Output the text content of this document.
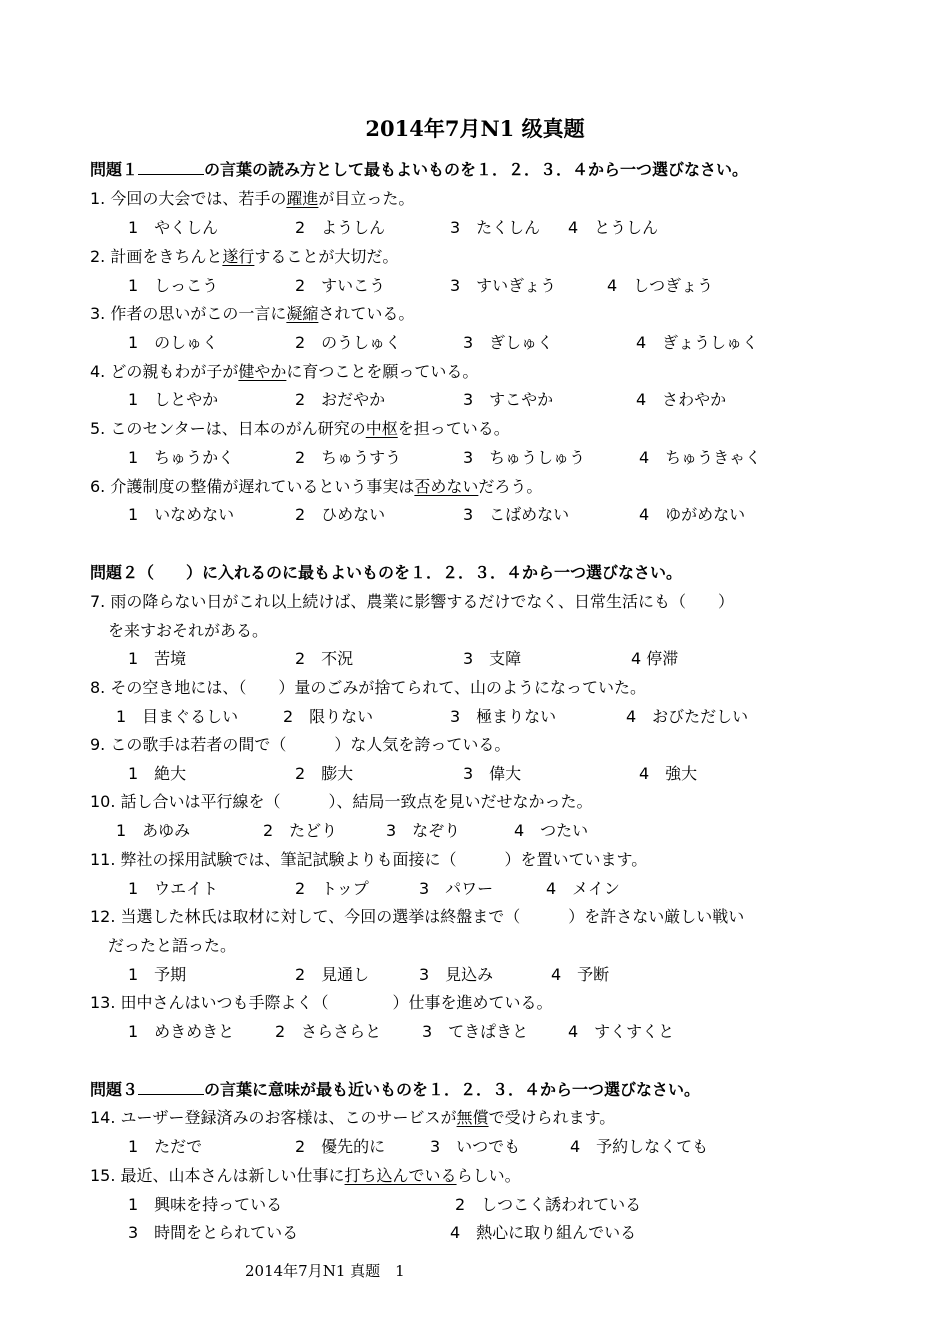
2014年7月N1 级真题
問題１	の言葉の読み方として最もよいものを１．２．３．４から一つ選びなさい。
1. 今回の大会では、若手の躍進が目立った。
1　やくしん	2　ようしん	3　たくしん 4　とうしん
2. 計画をきちんと遂行することが大切だ。
1　しっこう	2　すいこう	3　すいぎょう	4　しつぎょう
3. 作者の思いがこの一言に凝縮されている。
1　のしゅく	2　のうしゅく	3　ぎしゅく	4　ぎょうしゅく
4. どの親もわが子が健やかに育つことを願っている。
1　しとやか	2　おだやか	3　すこやか	4　さわやか
5. このセンターは、日本のがん研究の中枢を担っている。
1　ちゅうかく	2　ちゅうすう	3　ちゅうしゅう	4　ちゅうきゃく
6. 介護制度の整備が遅れているという事実は否めないだろう。
1　いなめない	2　ひめない	3　こばめない	4　ゆがめない
問題２（　　）に入れるのに最もよいものを１．２．３．４から一つ選びなさい。
7. 雨の降らない日がこれ以上続けば、農業に影響するだけでなく、日常生活にも（　　）
を来すおそれがある。
1　苦境	2　不況	3　支障	4 停滞
8. その空き地には、（　　）量のごみが捨てられて、山のようになっていた。
1　目まぐるしい	2　限りない	3　極まりない	4　おびただしい
9. この歌手は若者の間で（　　　）な人気を誇っている。
1　絶大	2　膨大	3　偉大	4　強大
10. 話し合いは平行線を（　　　）、結局一致点を見いだせなかった。
1　あゆみ	2　たどり	3　なぞり	4　つたい
11. 弊社の採用試験では、筆記試験よりも面接に（　　　）を置いています。
1　ウエイト	2　トップ	3　パワー	4　メイン
12. 当選した林氏は取材に対して、今回の選挙は終盤まで（　　　）を許さない厳しい戦い
だったと語った。
1　予期	2　見通し	3　見込み	4　予断
13. 田中さんはいつも手際よく（　　　　）仕事を進めている。
1　めきめきと	2　さらさらと	3　てきぱきと 4　すくすくと
問題３	の言葉に意味が最も近いものを１．２．３．４から一つ選びなさい。
14. ユーザー登録済みのお客様は、このサービスが無償で受けられます。
1　ただで	2　優先的に	3　いつでも	4　予約しなくても
15. 最近、山本さんは新しい仕事に打ち込んでいるらしい。
1　興味を持っている	2　しつこく誘われている
3　時間をとられている	4　熱心に取り組んでいる
2014年7月N1 真题　1
